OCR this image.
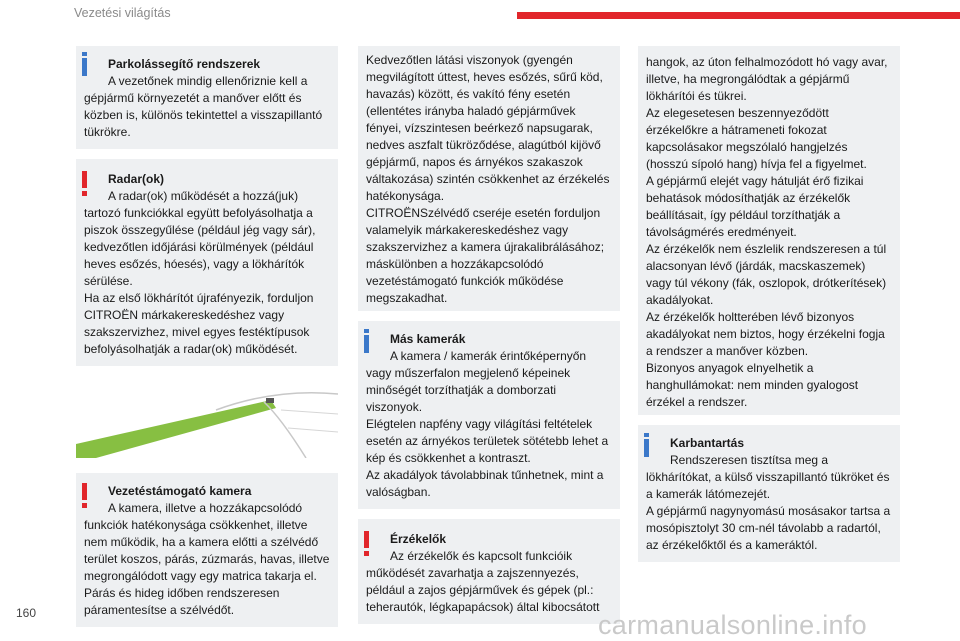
Vezetési világítás

Parkolássegítő rendszerek

A vezetőnek mindig ellenőriznie kell a

gépjármű környezetét a manőver előtt és közben is, különös tekintettel a visszapillantó tükrökre.

Radar(ok)

A radar(ok) működését a hozzá(juk)

tartozó funkciókkal együtt befolyásolhatja a piszok összegyűlése (például jég vagy sár), kedvezőtlen időjárási körülmények (például heves esőzés, hóesés), vagy a lökhárítók sérülése.

Ha az első lökhárítót újrafényezik, forduljon CITROËN márkakereskedéshez vagy szakszervizhez, mivel egyes festéktípusok befolyásolhatják a radar(ok) működését.

Vezetéstámogató kamera

A kamera, illetve a hozzákapcsolódó

funkciók hatékonysága csökkenhet, illetve nem működik, ha a kamera előtti a szélvédő terület koszos, párás, zúzmarás, havas, illetve megrongálódott vagy egy matrica takarja el.

Párás és hideg időben rendszeresen páramentesítse a szélvédőt.

Kedvezőtlen látási viszonyok (gyengén megvilágított úttest, heves esőzés, sűrű köd, havazás) között, és vakító fény esetén (ellentétes irányba haladó gépjárművek fényei, vízszintesen beérkező napsugarak, nedves aszfalt tükröződése, alagútból kijövő gépjármű, napos és árnyékos szakaszok váltakozása) szintén csökkenhet az érzékelés hatékonysága.

CITROËNSzélvédő cseréje esetén forduljon valamelyik márkakereskedéshez vagy szakszervizhez a kamera újrakalibrálásához; máskülönben a hozzákapcsolódó vezetéstámogató funkciók működése megszakadhat.

Más kamerák

A kamera / kamerák érintőképernyőn

vagy műszerfalon megjelenő képeinek minőségét torzíthatják a domborzati viszonyok.

Elégtelen napfény vagy világítási feltételek esetén az árnyékos területek sötétebb lehet a kép és csökkenhet a kontraszt.

Az akadályok távolabbinak tűnhetnek, mint a valóságban.

Érzékelők

Az érzékelők és kapcsolt funkcióik

működését zavarhatja a zajszennyezés, például a zajos gépjárművek és gépek (pl.: teherautók, légkapapácsok) által kibocsátott

hangok, az úton felhalmozódott hó vagy avar, illetve, ha megrongálódtak a gépjármű lökhárítói és tükrei.

Az elegesetesen beszennyeződött érzékelőkre a hátrameneti fokozat kapcsolásakor megszólaló hangjelzés (hosszú sípoló hang) hívja fel a figyelmet.

A gépjármű elejét vagy hátulját érő fizikai behatások módosíthatják az érzékelők beállításait, így például torzíthatják a távolságmérés eredményeit.

Az érzékelők nem észlelik rendszeresen a túl alacsonyan lévő (járdák, macskaszemek) vagy túl vékony (fák, oszlopok, drótkerítések) akadályokat.

Az érzékelők holtterében lévő bizonyos akadályokat nem biztos, hogy érzékelni fogja a rendszer a manőver közben.

Bizonyos anyagok elnyelhetik a hanghullámokat: nem minden gyalogost érzékel a rendszer.

Karbantartás

Rendszeresen tisztítsa meg a

lökhárítókat, a külső visszapillantó tükröket és a kamerák látómezejét.

A gépjármű nagynyomású mosásakor tartsa a mosópisztolyt 30 cm-nél távolabb a radartól, az érzékelőktől és a kameráktól.

160	carmanualsonline.info
